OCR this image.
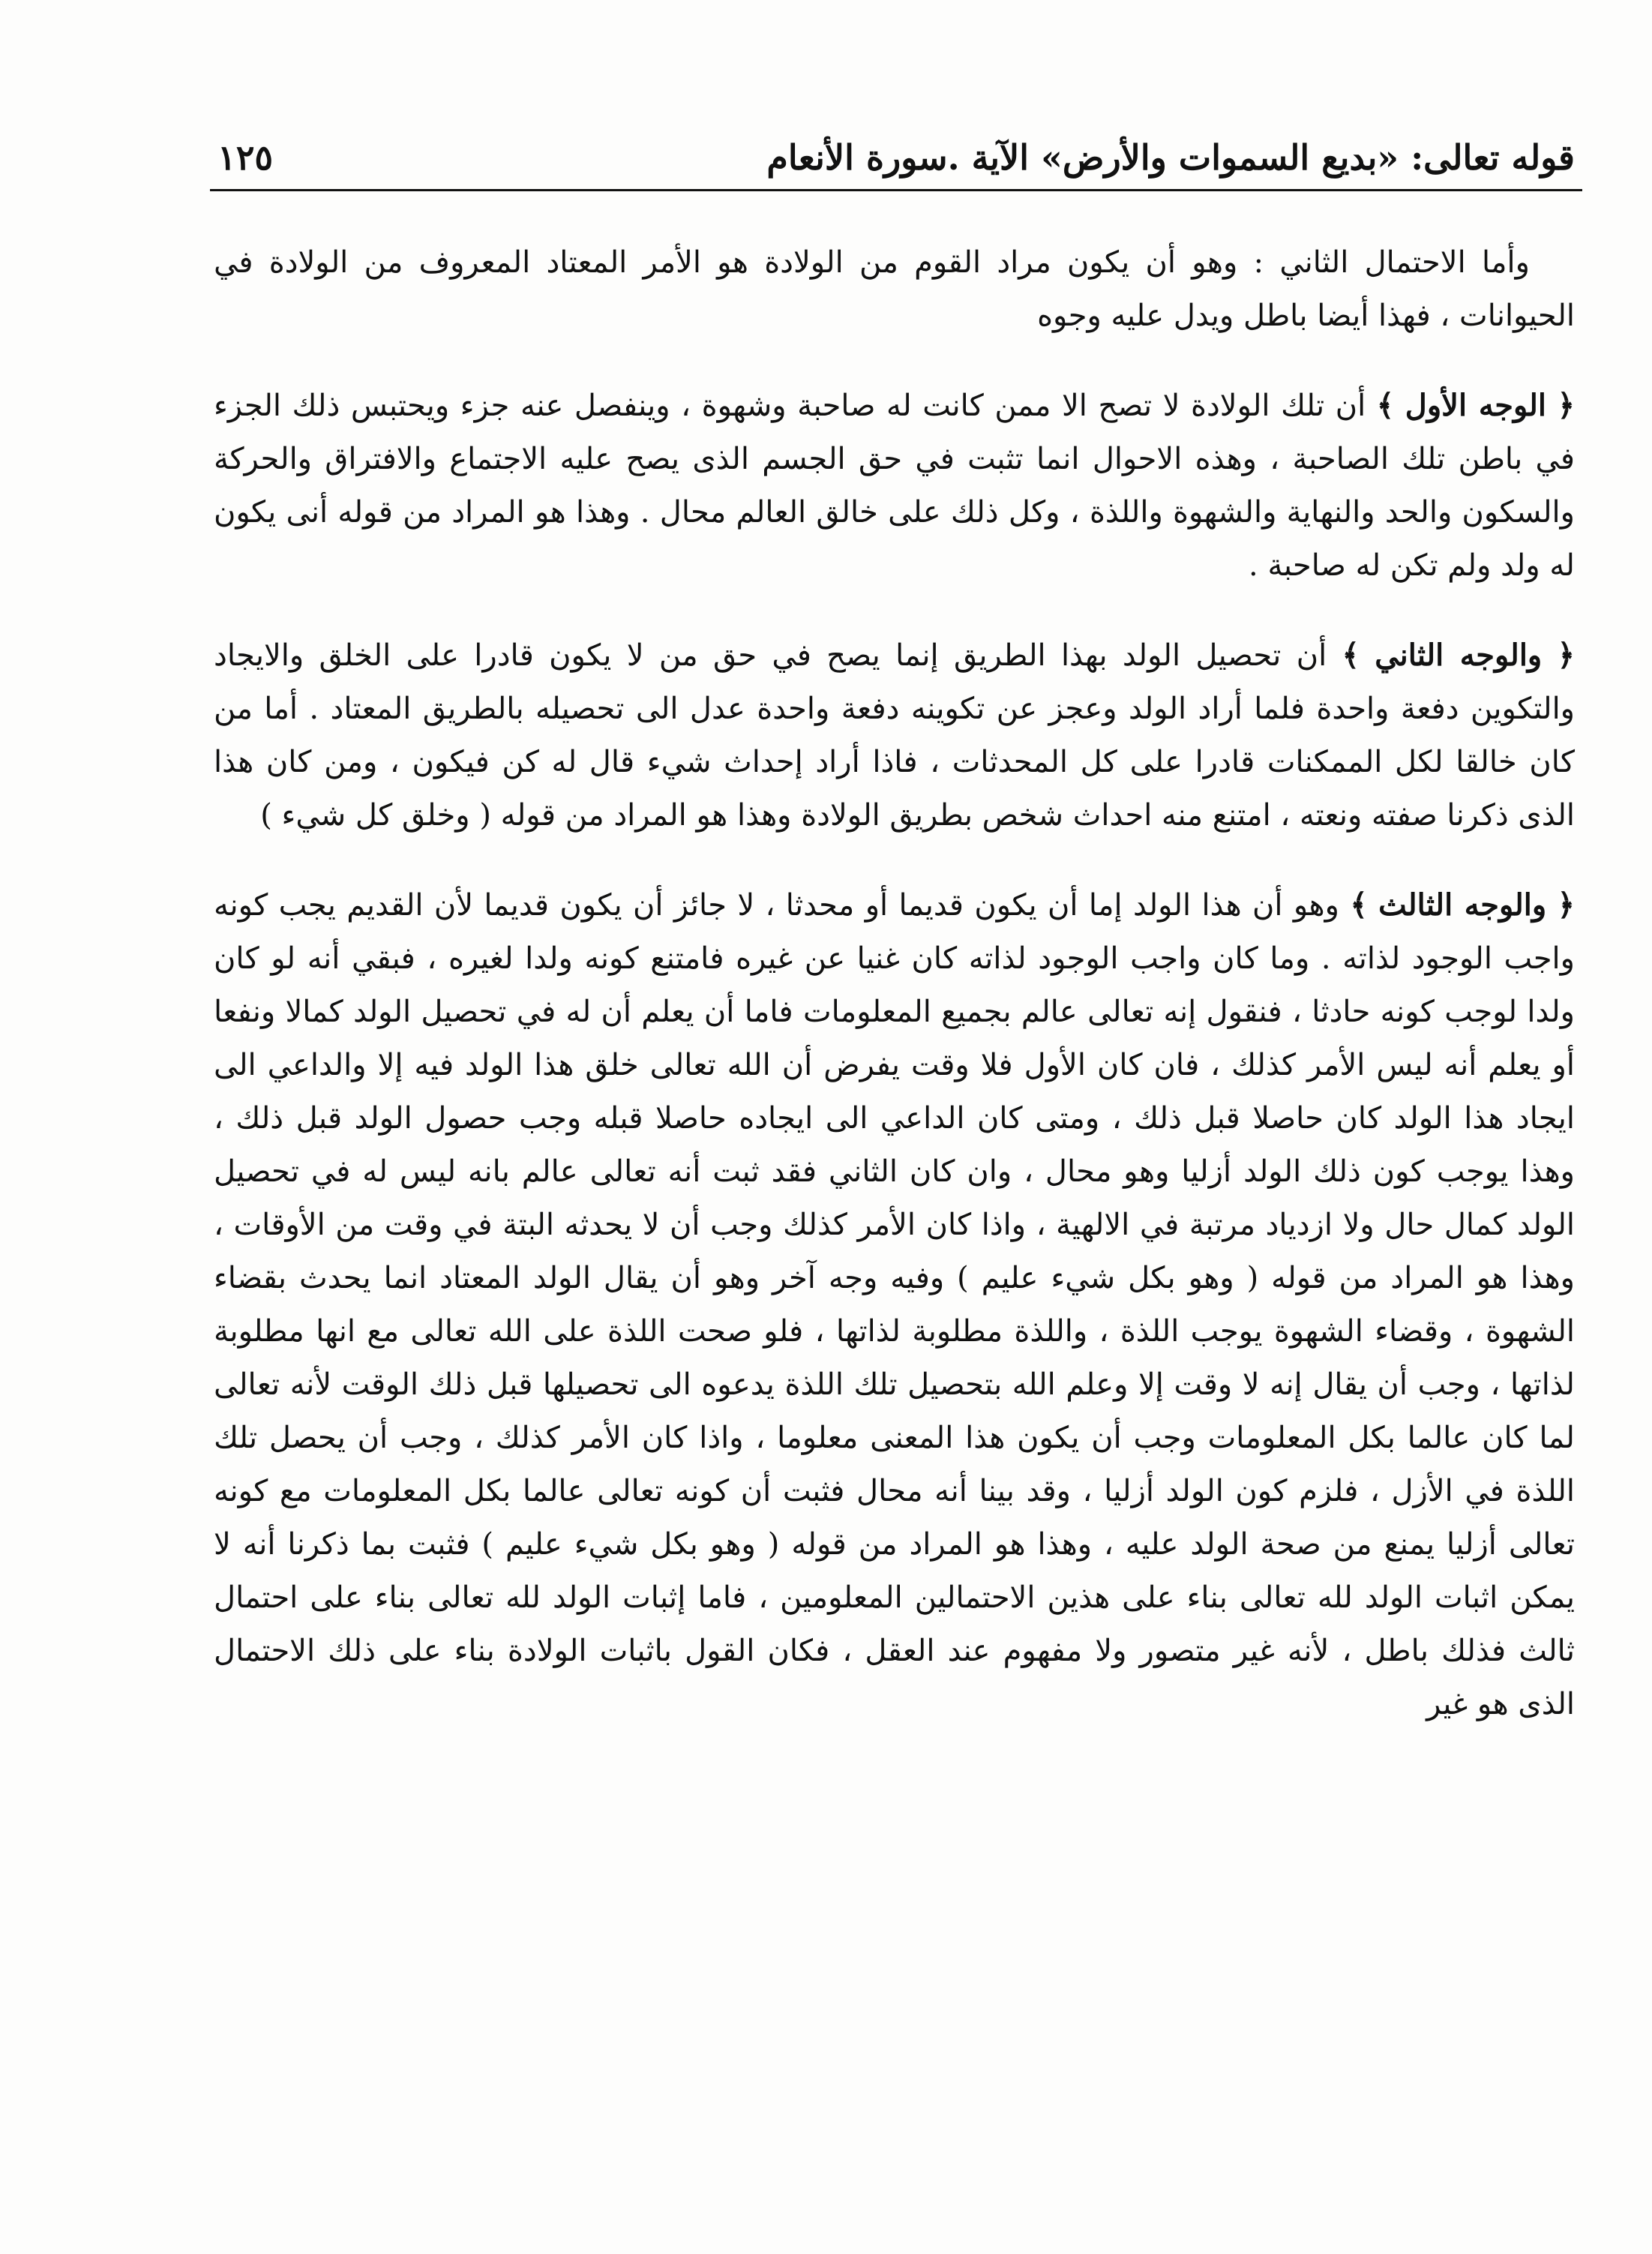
قوله تعالى: «بديع السموات والأرض» الآية .سورة الأنعام
١٢٥

وأما الاحتمال الثاني : وهو أن يكون مراد القوم من الولادة هو الأمر المعتاد المعروف من الولادة في الحيوانات ، فهذا أيضا باطل ويدل عليه وجوه

﴿ الوجه الأول ﴾ أن تلك الولادة لا تصح الا ممن كانت له صاحبة وشهوة ، وينفصل عنه جزء ويحتبس ذلك الجزء في باطن تلك الصاحبة ، وهذه الاحوال انما تثبت في حق الجسم الذى يصح عليه الاجتماع والافتراق والحركة والسكون والحد والنهاية والشهوة واللذة ، وكل ذلك على خالق العالم محال . وهذا هو المراد من قوله أنى يكون له ولد ولم تكن له صاحبة .

﴿ والوجه الثاني ﴾ أن تحصيل الولد بهذا الطريق إنما يصح في حق من لا يكون قادرا على الخلق والايجاد والتكوين دفعة واحدة فلما أراد الولد وعجز عن تكوينه دفعة واحدة عدل الى تحصيله بالطريق المعتاد . أما من كان خالقا لكل الممكنات قادرا على كل المحدثات ، فاذا أراد إحداث شيء قال له كن فيكون ، ومن كان هذا الذى ذكرنا صفته ونعته ، امتنع منه احداث شخص بطريق الولادة وهذا هو المراد من قوله ( وخلق كل شيء )

﴿ والوجه الثالث ﴾ وهو أن هذا الولد إما أن يكون قديما أو محدثا ، لا جائز أن يكون قديما لأن القديم يجب كونه واجب الوجود لذاته . وما كان واجب الوجود لذاته كان غنيا عن غيره فامتنع كونه ولدا لغيره ، فبقي أنه لو كان ولدا لوجب كونه حادثا ، فنقول إنه تعالى عالم بجميع المعلومات فاما أن يعلم أن له في تحصيل الولد كمالا ونفعا أو يعلم أنه ليس الأمر كذلك ، فان كان الأول فلا وقت يفرض أن الله تعالى خلق هذا الولد فيه إلا والداعي الى ايجاد هذا الولد كان حاصلا قبل ذلك ، ومتى كان الداعي الى ايجاده حاصلا قبله وجب حصول الولد قبل ذلك ، وهذا يوجب كون ذلك الولد أزليا وهو محال ، وان كان الثاني فقد ثبت أنه تعالى عالم بانه ليس له في تحصيل الولد كمال حال ولا ازدياد مرتبة في الالهية ، واذا كان الأمر كذلك وجب أن لا يحدثه البتة في وقت من الأوقات ، وهذا هو المراد من قوله ( وهو بكل شيء عليم ) وفيه وجه آخر وهو أن يقال الولد المعتاد انما يحدث بقضاء الشهوة ، وقضاء الشهوة يوجب اللذة ، واللذة مطلوبة لذاتها ، فلو صحت اللذة على الله تعالى مع انها مطلوبة لذاتها ، وجب أن يقال إنه لا وقت إلا وعلم الله بتحصيل تلك اللذة يدعوه الى تحصيلها قبل ذلك الوقت لأنه تعالى لما كان عالما بكل المعلومات وجب أن يكون هذا المعنى معلوما ، واذا كان الأمر كذلك ، وجب أن يحصل تلك اللذة في الأزل ، فلزم كون الولد أزليا ، وقد بينا أنه محال فثبت أن كونه تعالى عالما بكل المعلومات مع كونه تعالى أزليا يمنع من صحة الولد عليه ، وهذا هو المراد من قوله ( وهو بكل شيء عليم ) فثبت بما ذكرنا أنه لا يمكن اثبات الولد لله تعالى بناء على هذين الاحتمالين المعلومين ، فاما إثبات الولد لله تعالى بناء على احتمال ثالث فذلك باطل ، لأنه غير متصور ولا مفهوم عند العقل ، فكان القول باثبات الولادة بناء على ذلك الاحتمال الذى هو غير
